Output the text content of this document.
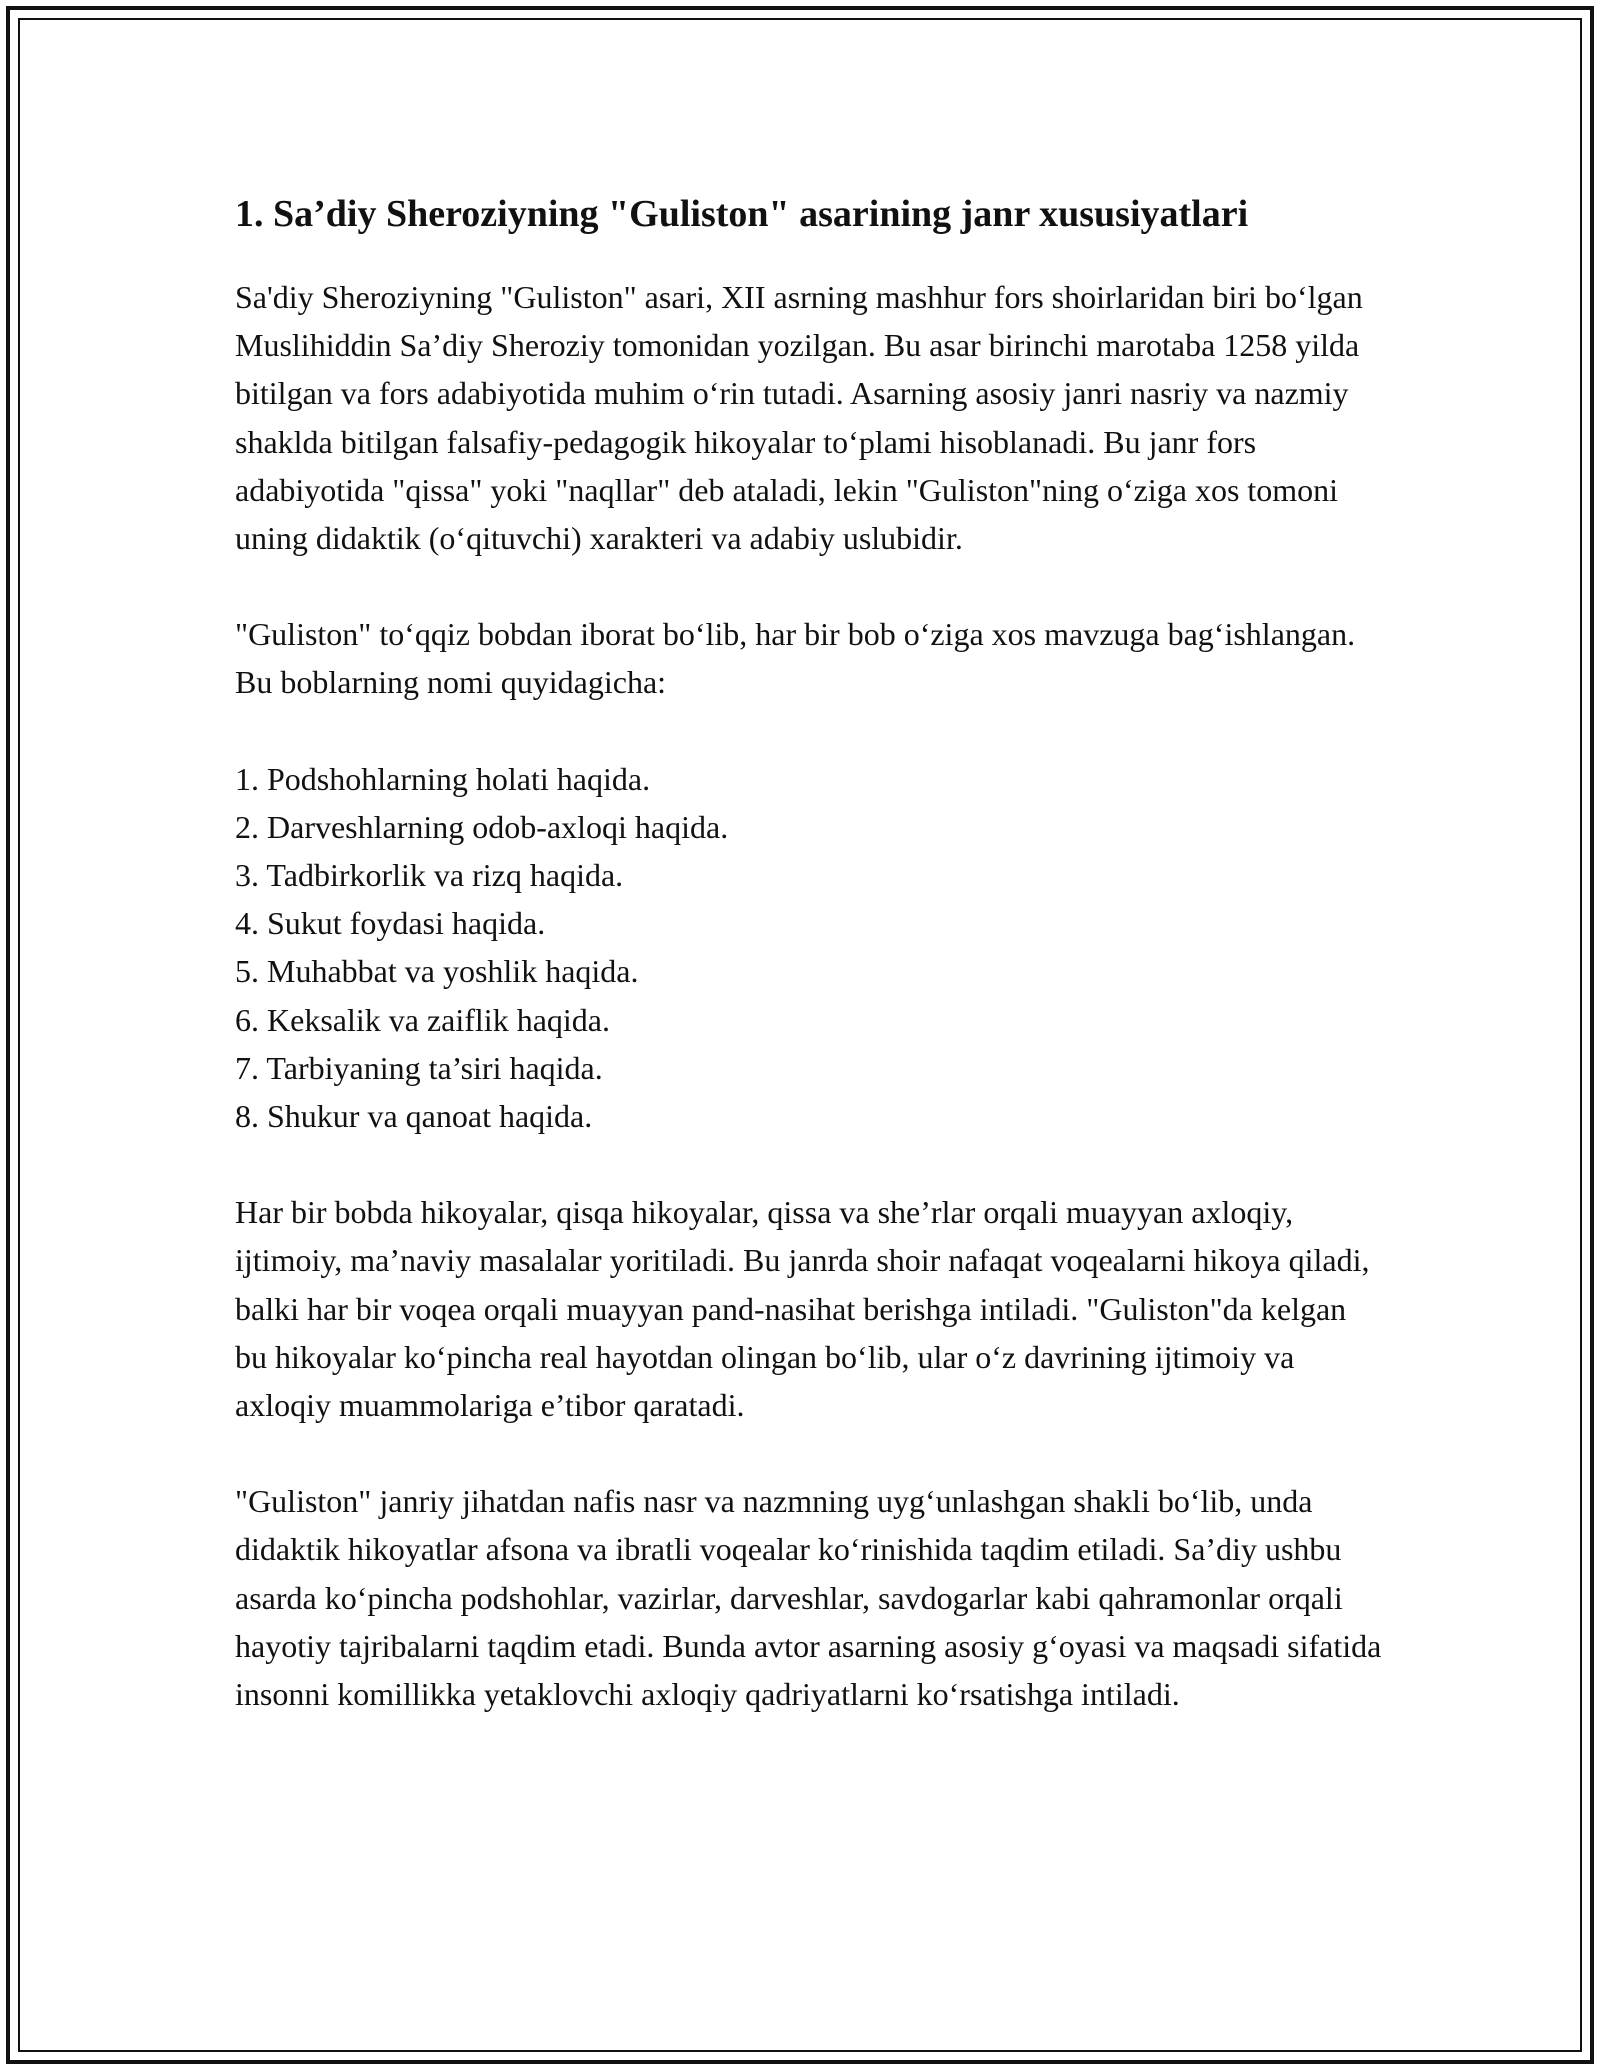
1. Sa’diy Sheroziyning "Guliston" asarining janr xususiyatlari

Sa'diy Sheroziyning "Guliston" asari, XII asrning mashhur fors shoirlaridan biri bo‘lgan Muslihiddin Sa’diy Sheroziy tomonidan yozilgan. Bu asar birinchi marotaba 1258 yilda bitilgan va fors adabiyotida muhim o‘rin tutadi. Asarning asosiy janri nasriy va nazmiy shaklda bitilgan falsafiy-pedagogik hikoyalar to‘plami hisoblanadi. Bu janr fors adabiyotida "qissa" yoki "naqllar" deb ataladi, lekin "Guliston"ning o‘ziga xos tomoni uning didaktik (o‘qituvchi) xarakteri va adabiy uslubidir.

"Guliston" to‘qqiz bobdan iborat bo‘lib, har bir bob o‘ziga xos mavzuga bag‘ishlangan. Bu boblarning nomi quyidagicha:

1. Podshohlarning holati haqida.
2. Darveshlarning odob-axloqi haqida.
3. Tadbirkorlik va rizq haqida.
4. Sukut foydasi haqida.
5. Muhabbat va yoshlik haqida.
6. Keksalik va zaiflik haqida.
7. Tarbiyaning ta’siri haqida.
8. Shukur va qanoat haqida.

Har bir bobda hikoyalar, qisqa hikoyalar, qissa va she’rlar orqali muayyan axloqiy, ijtimoiy, ma’naviy masalalar yoritiladi. Bu janrda shoir nafaqat voqealarni hikoya qiladi, balki har bir voqea orqali muayyan pand-nasihat berishga intiladi. "Guliston"da kelgan bu hikoyalar ko‘pincha real hayotdan olingan bo‘lib, ular o‘z davrining ijtimoiy va axloqiy muammolariga e’tibor qaratadi.

"Guliston" janriy jihatdan nafis nasr va nazmning uyg‘unlashgan shakli bo‘lib, unda didaktik hikoyatlar afsona va ibratli voqealar ko‘rinishida taqdim etiladi. Sa’diy ushbu asarda ko‘pincha podshohlar, vazirlar, darveshlar, savdogarlar kabi qahramonlar orqali hayotiy tajribalarni taqdim etadi. Bunda avtor asarning asosiy g‘oyasi va maqsadi sifatida insonni komillikka yetaklovchi axloqiy qadriyatlarni ko‘rsatishga intiladi.
